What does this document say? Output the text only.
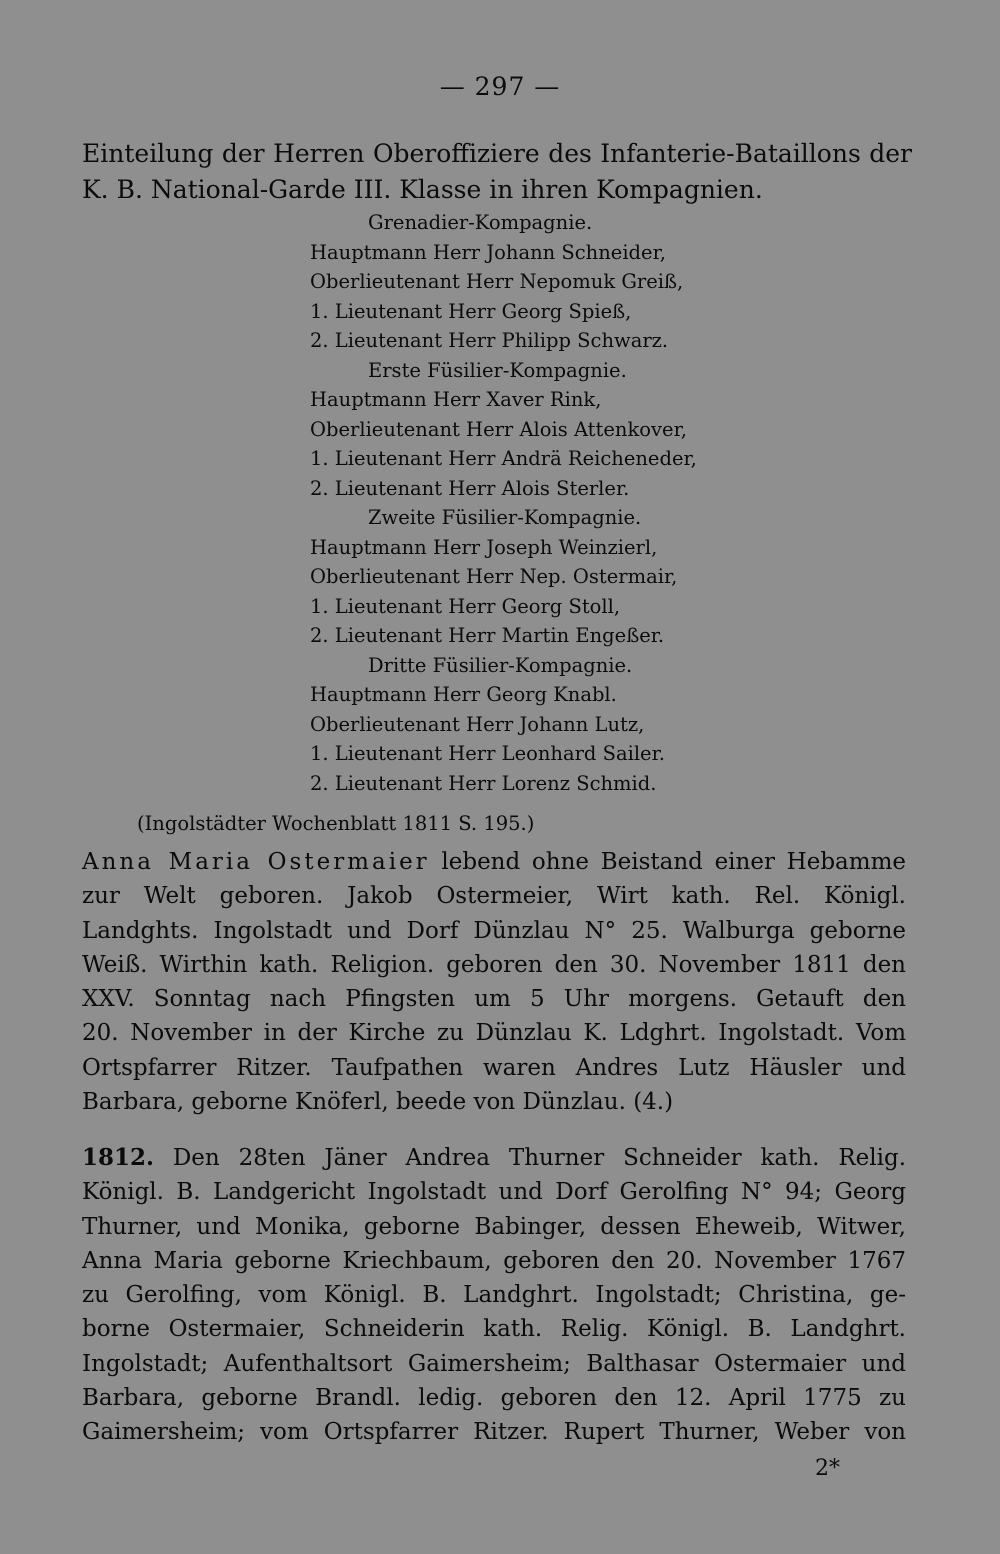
— 297 —
Einteilung der Herren Oberoffiziere des Infanterie-Bataillons der
K. B. National-Garde III. Klasse in ihren Kompagnien.
Grenadier-Kompagnie.
Hauptmann Herr Johann Schneider,
Oberlieutenant Herr Nepomuk Greiß,
1. Lieutenant Herr Georg Spieß,
2. Lieutenant Herr Philipp Schwarz.
Erste Füsilier-Kompagnie.
Hauptmann Herr Xaver Rink,
Oberlieutenant Herr Alois Attenkover,
1. Lieutenant Herr Andrä Reicheneder,
2. Lieutenant Herr Alois Sterler.
Zweite Füsilier-Kompagnie.
Hauptmann Herr Joseph Weinzierl,
Oberlieutenant Herr Nep. Ostermair,
1. Lieutenant Herr Georg Stoll,
2. Lieutenant Herr Martin Engeßer.
Dritte Füsilier-Kompagnie.
Hauptmann Herr Georg Knabl.
Oberlieutenant Herr Johann Lutz,
1. Lieutenant Herr Leonhard Sailer.
2. Lieutenant Herr Lorenz Schmid.
(Ingolstädter Wochenblatt 1811 S. 195.)
Anna Maria Ostermaier lebend ohne Beistand einer Hebamme
zur Welt geboren. Jakob Ostermeier, Wirt kath. Rel. Königl.
Landghts. Ingolstadt und Dorf Dünzlau N° 25. Walburga geborne
Weiß. Wirthin kath. Religion. geboren den 30. November 1811 den
XXV. Sonntag nach Pfingsten um 5 Uhr morgens. Getauft den
20. November in der Kirche zu Dünzlau K. Ldghrt. Ingolstadt. Vom
Ortspfarrer Ritzer. Taufpathen waren Andres Lutz Häusler und
Barbara, geborne Knöferl, beede von Dünzlau. (4.)
1812. Den 28ten Jäner Andrea Thurner Schneider kath. Relig.
Königl. B. Landgericht Ingolstadt und Dorf Gerolfing N° 94; Georg
Thurner, und Monika, geborne Babinger, dessen Eheweib, Witwer,
Anna Maria geborne Kriechbaum, geboren den 20. November 1767
zu Gerolfing, vom Königl. B. Landghrt. Ingolstadt; Christina, ge-
borne Ostermaier, Schneiderin kath. Relig. Königl. B. Landghrt.
Ingolstadt; Aufenthaltsort Gaimersheim; Balthasar Ostermaier und
Barbara, geborne Brandl. ledig. geboren den 12. April 1775 zu
Gaimersheim; vom Ortspfarrer Ritzer. Rupert Thurner, Weber von
2*
